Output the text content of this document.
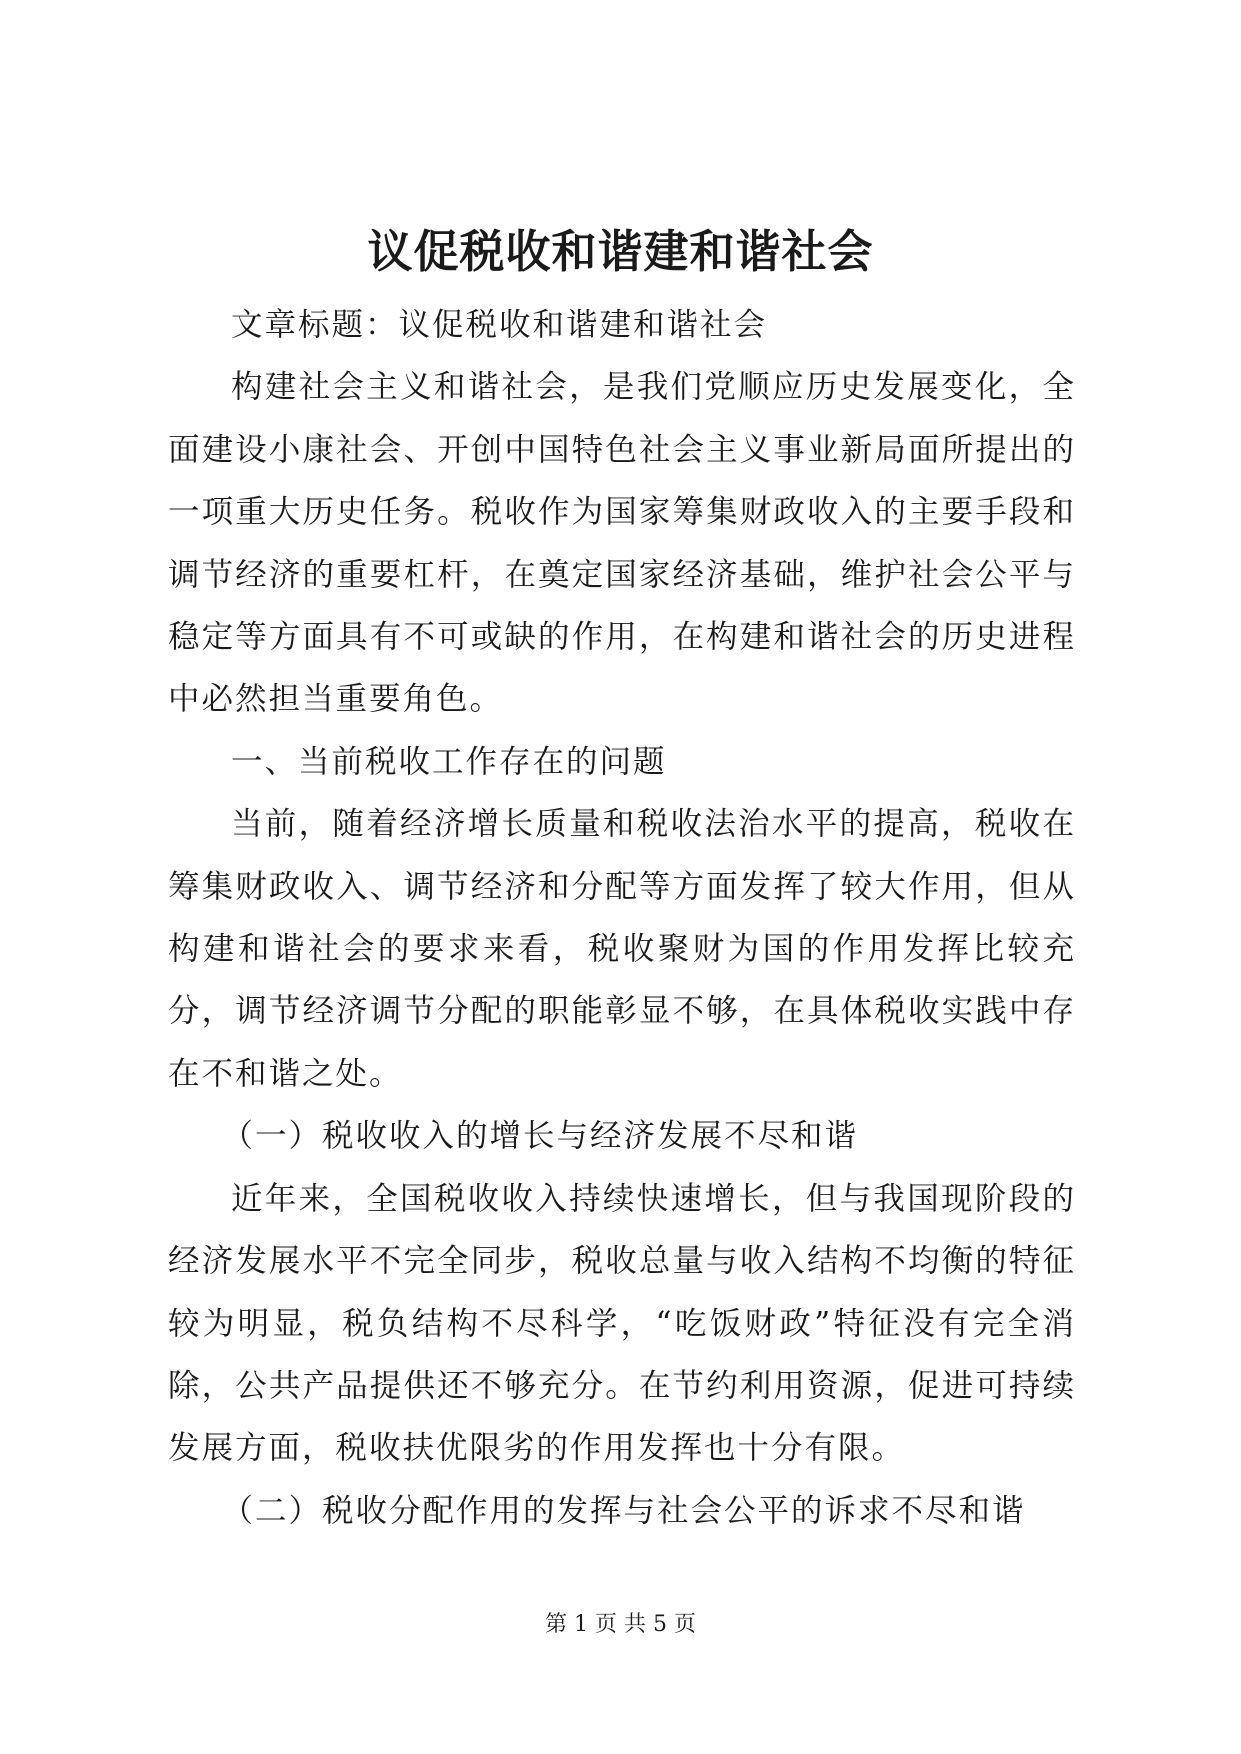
议促税收和谐建和谐社会

文章标题：议促税收和谐建和谐社会

构建社会主义和谐社会，是我们党顺应历史发展变化，全面建设小康社会、开创中国特色社会主义事业新局面所提出的一项重大历史任务。税收作为国家筹集财政收入的主要手段和调节经济的重要杠杆，在奠定国家经济基础，维护社会公平与稳定等方面具有不可或缺的作用，在构建和谐社会的历史进程中必然担当重要角色。

一、当前税收工作存在的问题

当前，随着经济增长质量和税收法治水平的提高，税收在筹集财政收入、调节经济和分配等方面发挥了较大作用，但从构建和谐社会的要求来看，税收聚财为国的作用发挥比较充分，调节经济调节分配的职能彰显不够，在具体税收实践中存在不和谐之处。

（一）税收收入的增长与经济发展不尽和谐

近年来，全国税收收入持续快速增长，但与我国现阶段的经济发展水平不完全同步，税收总量与收入结构不均衡的特征较为明显，税负结构不尽科学，“吃饭财政”特征没有完全消除，公共产品提供还不够充分。在节约利用资源，促进可持续发展方面，税收扶优限劣的作用发挥也十分有限。

（二）税收分配作用的发挥与社会公平的诉求不尽和谐

第 1 页 共 5 页
